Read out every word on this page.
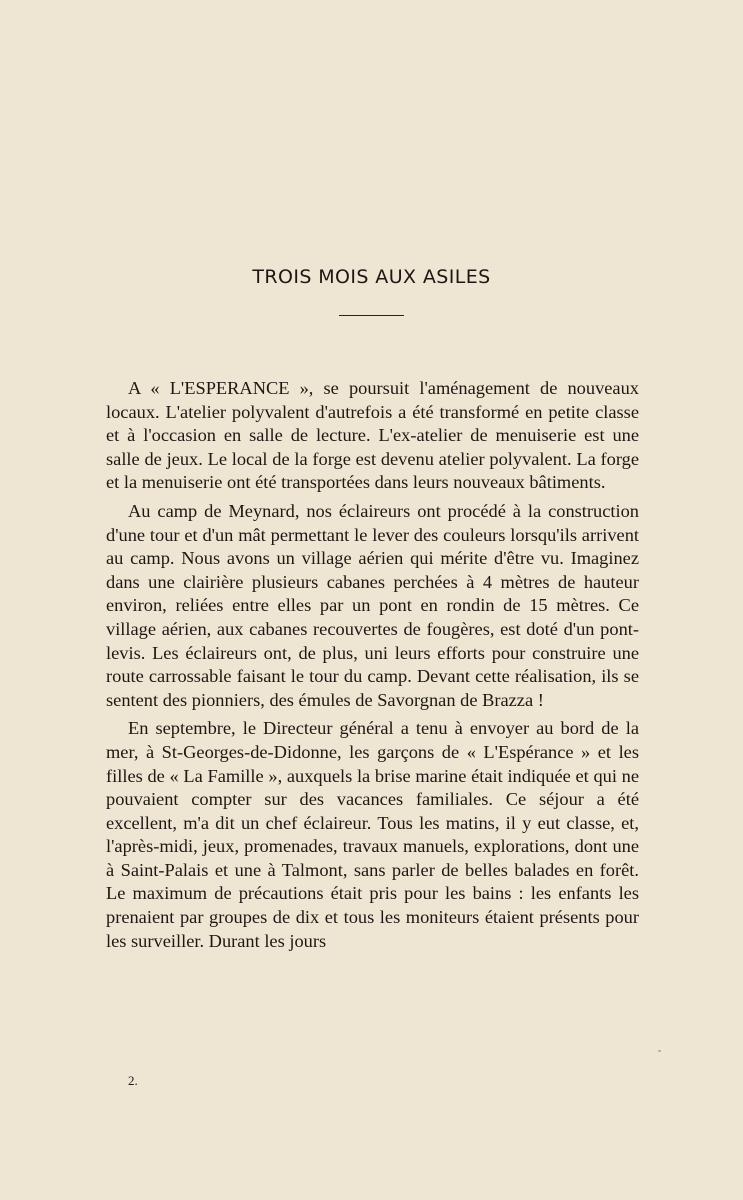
TROIS MOIS AUX ASILES

A « L'ESPERANCE », se poursuit l'aménagement de nouveaux locaux. L'atelier polyvalent d'autrefois a été transformé en petite classe et à l'occasion en salle de lecture. L'ex-atelier de menuiserie est une salle de jeux. Le local de la forge est devenu atelier polyvalent. La forge et la menuiserie ont été transportées dans leurs nouveaux bâtiments.

Au camp de Meynard, nos éclaireurs ont procédé à la construction d'une tour et d'un mât permettant le lever des couleurs lorsqu'ils arrivent au camp. Nous avons un village aérien qui mérite d'être vu. Imaginez dans une clairière plusieurs cabanes perchées à 4 mètres de hauteur environ, reliées entre elles par un pont en rondin de 15 mètres. Ce village aérien, aux cabanes recouvertes de fougères, est doté d'un pont-levis. Les éclaireurs ont, de plus, uni leurs efforts pour construire une route carrossable faisant le tour du camp. Devant cette réalisation, ils se sentent des pionniers, des émules de Savorgnan de Brazza !

En septembre, le Directeur général a tenu à envoyer au bord de la mer, à St-Georges-de-Didonne, les garçons de « L'Espérance » et les filles de « La Famille », auxquels la brise marine était indiquée et qui ne pouvaient compter sur des vacances familiales. Ce séjour a été excellent, m'a dit un chef éclaireur. Tous les matins, il y eut classe, et, l'après-midi, jeux, promenades, travaux manuels, explorations, dont une à Saint-Palais et une à Talmont, sans parler de belles balades en forêt. Le maximum de précautions était pris pour les bains : les enfants les prenaient par groupes de dix et tous les moniteurs étaient présents pour les surveiller. Durant les jours

2.
